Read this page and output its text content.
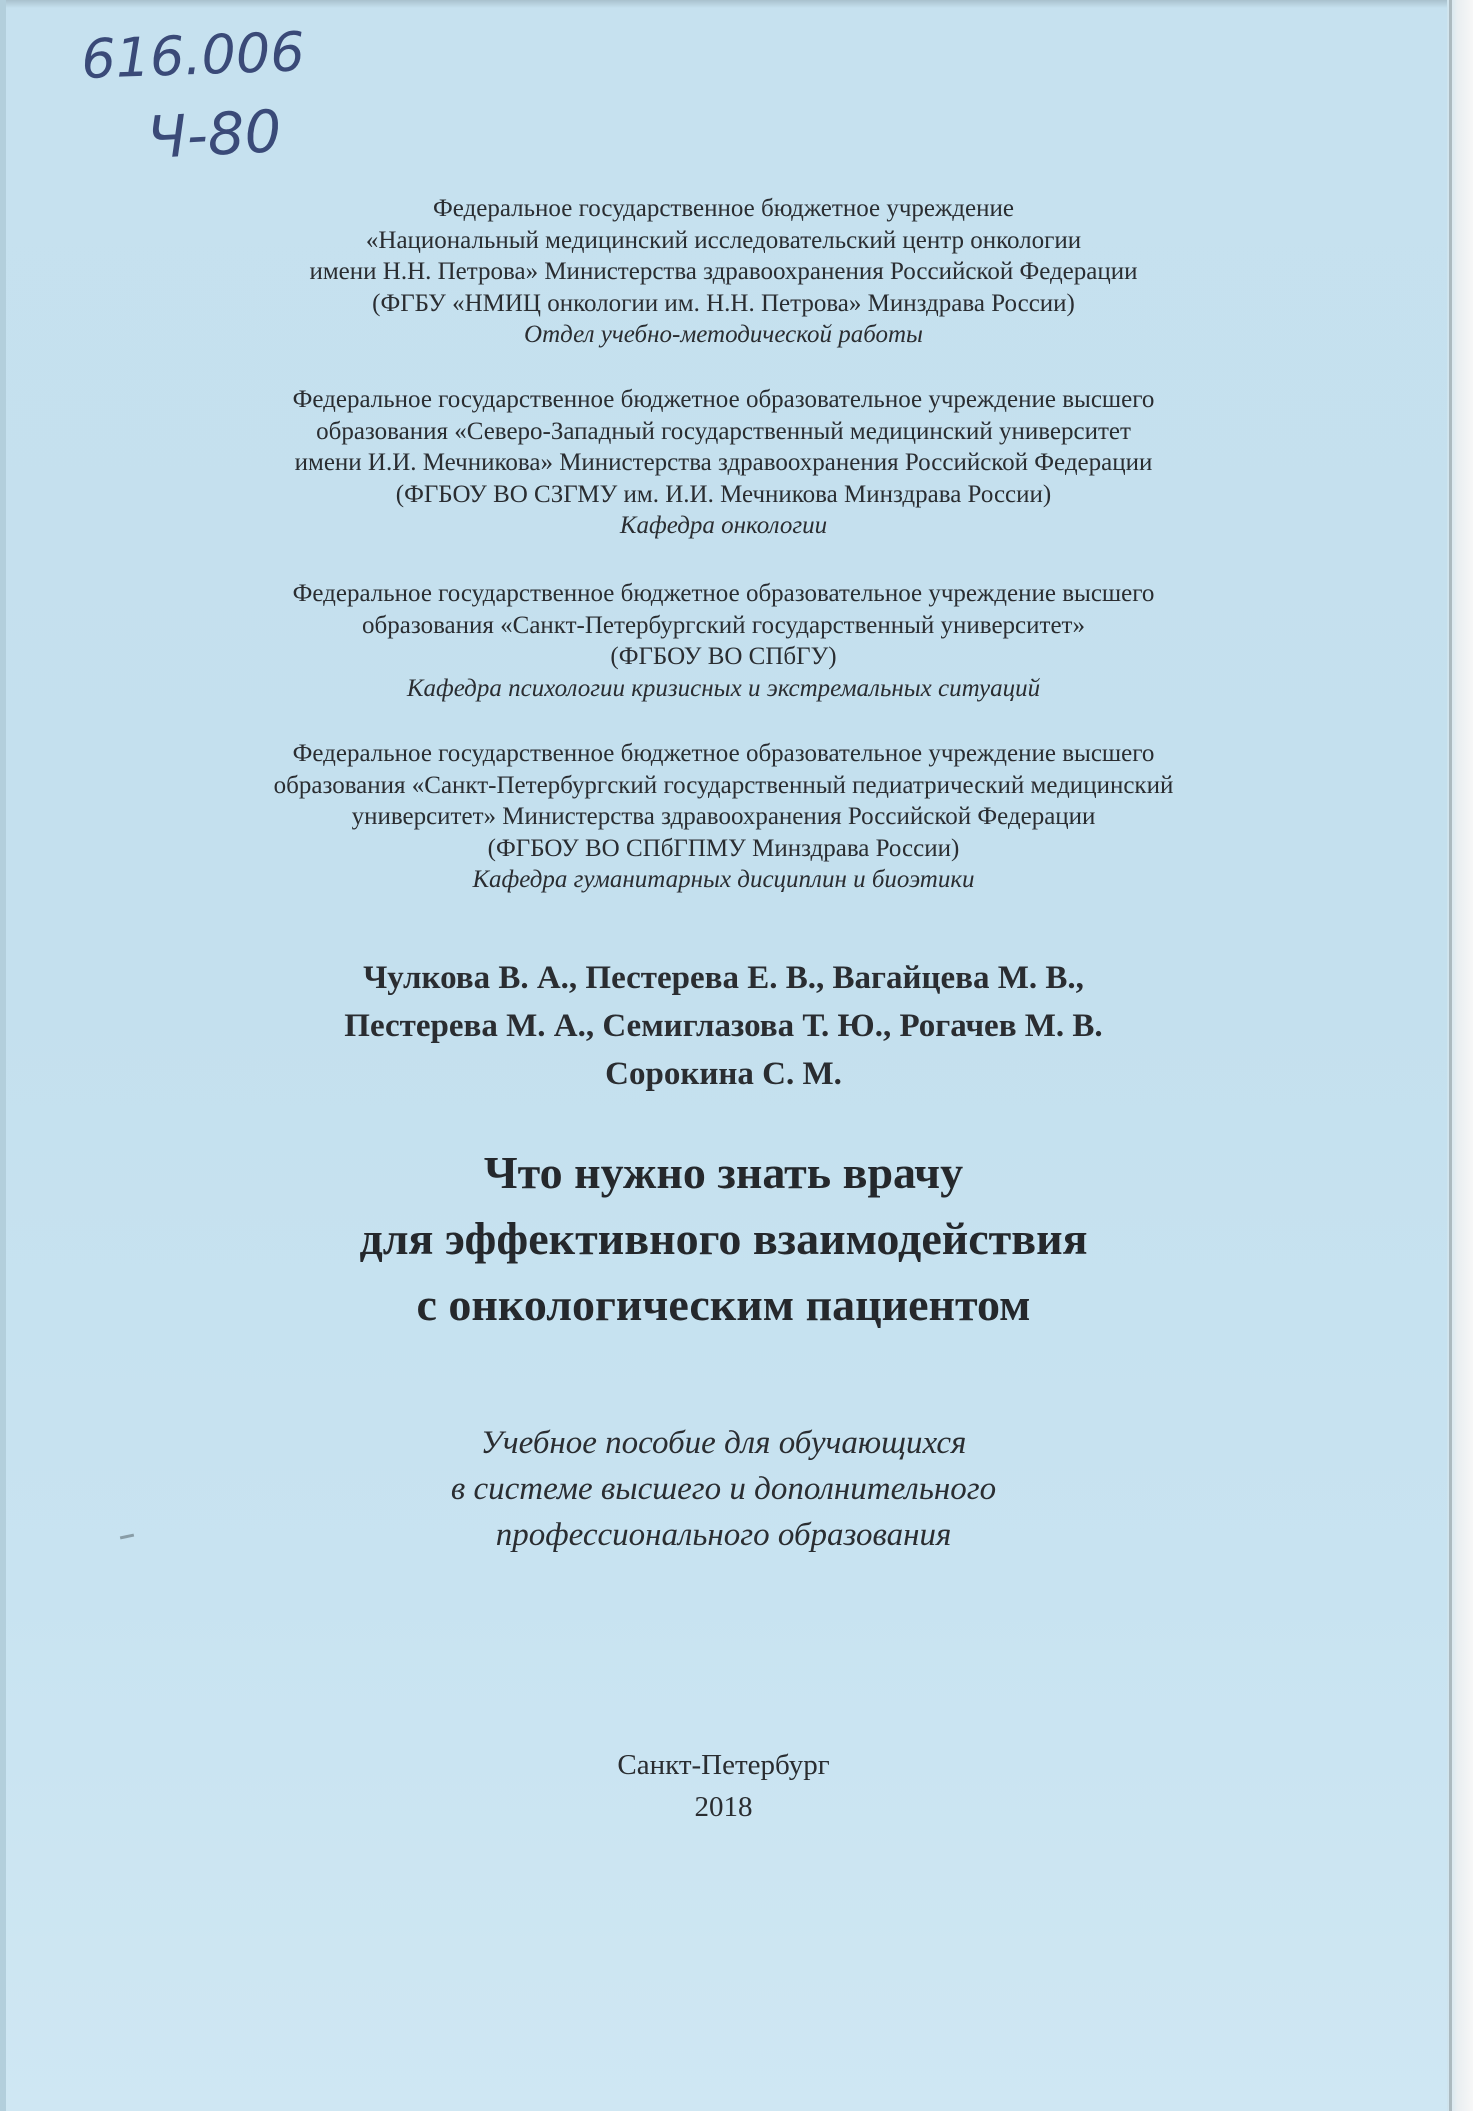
616.006
Ч-80
Федеральное государственное бюджетное учреждение
«Национальный медицинский исследовательский центр онкологии
имени Н.Н. Петрова» Министерства здравоохранения Российской Федерации
(ФГБУ «НМИЦ онкологии им. Н.Н. Петрова» Минздрава России)
Отдел учебно-методической работы
Федеральное государственное бюджетное образовательное учреждение высшего
образования «Северо-Западный государственный медицинский университет
имени И.И. Мечникова» Министерства здравоохранения Российской Федерации
(ФГБОУ ВО СЗГМУ им. И.И. Мечникова Минздрава России)
Кафедра онкологии
Федеральное государственное бюджетное образовательное учреждение высшего
образования «Санкт-Петербургский государственный университет»
(ФГБОУ ВО СПбГУ)
Кафедра психологии кризисных и экстремальных ситуаций
Федеральное государственное бюджетное образовательное учреждение высшего
образования «Санкт-Петербургский государственный педиатрический медицинский
университет» Министерства здравоохранения Российской Федерации
(ФГБОУ ВО СПбГПМУ Минздрава России)
Кафедра гуманитарных дисциплин и биоэтики
Чулкова В. А., Пестерева Е. В., Вагайцева М. В.,
Пестерева М. А., Семиглазова Т. Ю., Рогачев М. В.
Сорокина С. М.
Что нужно знать врачу
для эффективного взаимодействия
с онкологическим пациентом
Учебное пособие для обучающихся
в системе высшего и дополнительного
профессионального образования
Санкт-Петербург
2018
